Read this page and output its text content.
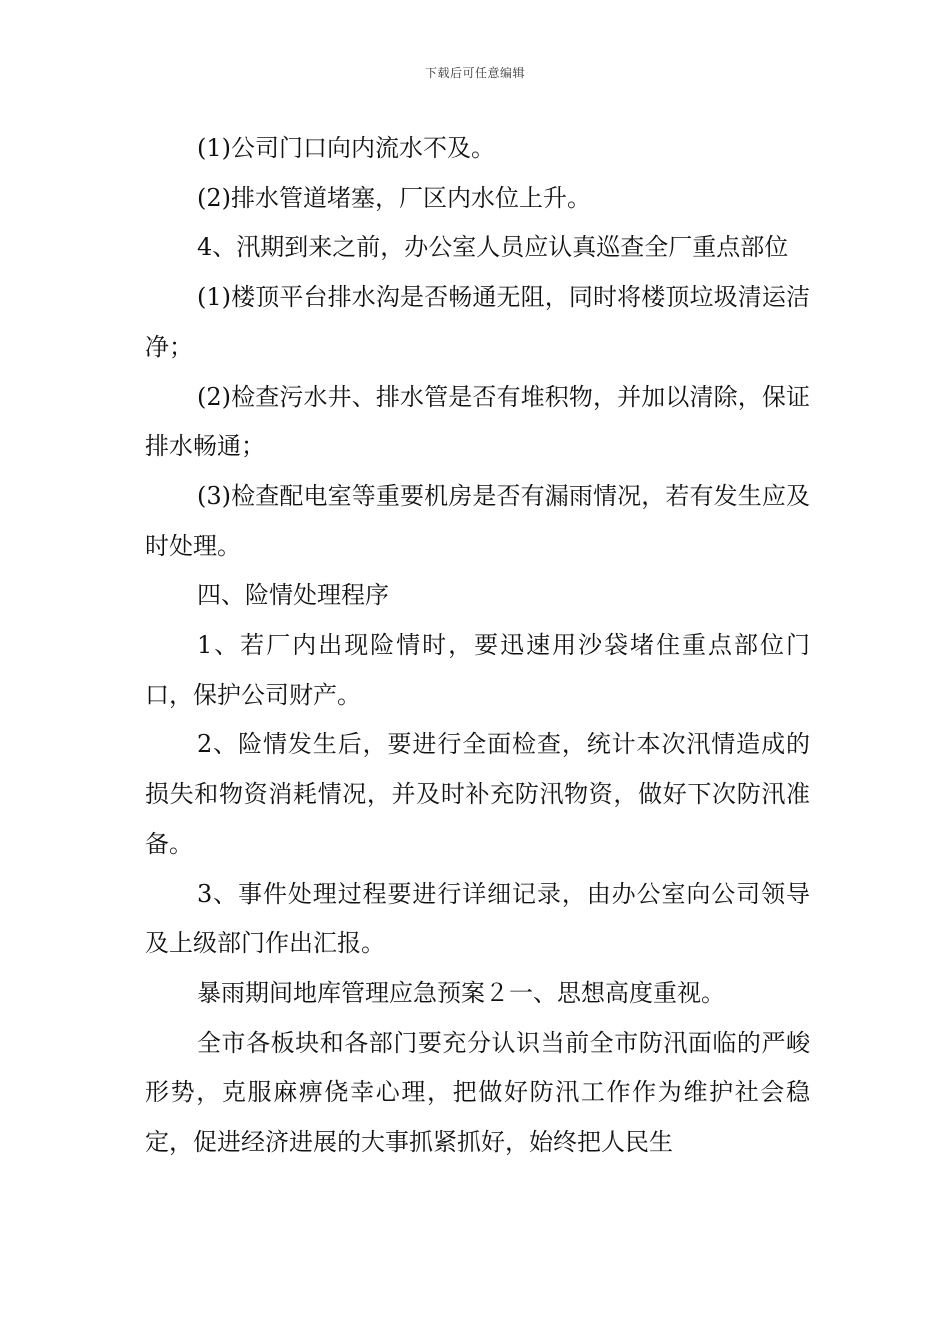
下载后可任意编辑

(1)公司门口向内流水不及。

(2)排水管道堵塞，厂区内水位上升。

4、汛期到来之前，办公室人员应认真巡查全厂重点部位

(1)楼顶平台排水沟是否畅通无阻，同时将楼顶垃圾清运洁净；

(2)检查污水井、排水管是否有堆积物，并加以清除，保证排水畅通；

(3)检查配电室等重要机房是否有漏雨情况，若有发生应及时处理。

四、险情处理程序

1、若厂内出现险情时，要迅速用沙袋堵住重点部位门口，保护公司财产。

2、险情发生后，要进行全面检查，统计本次汛情造成的损失和物资消耗情况，并及时补充防汛物资，做好下次防汛准备。

3、事件处理过程要进行详细记录，由办公室向公司领导及上级部门作出汇报。

暴雨期间地库管理应急预案２一、思想高度重视。

全市各板块和各部门要充分认识当前全市防汛面临的严峻形势，克服麻痹侥幸心理，把做好防汛工作作为维护社会稳定，促进经济进展的大事抓紧抓好，始终把人民生
